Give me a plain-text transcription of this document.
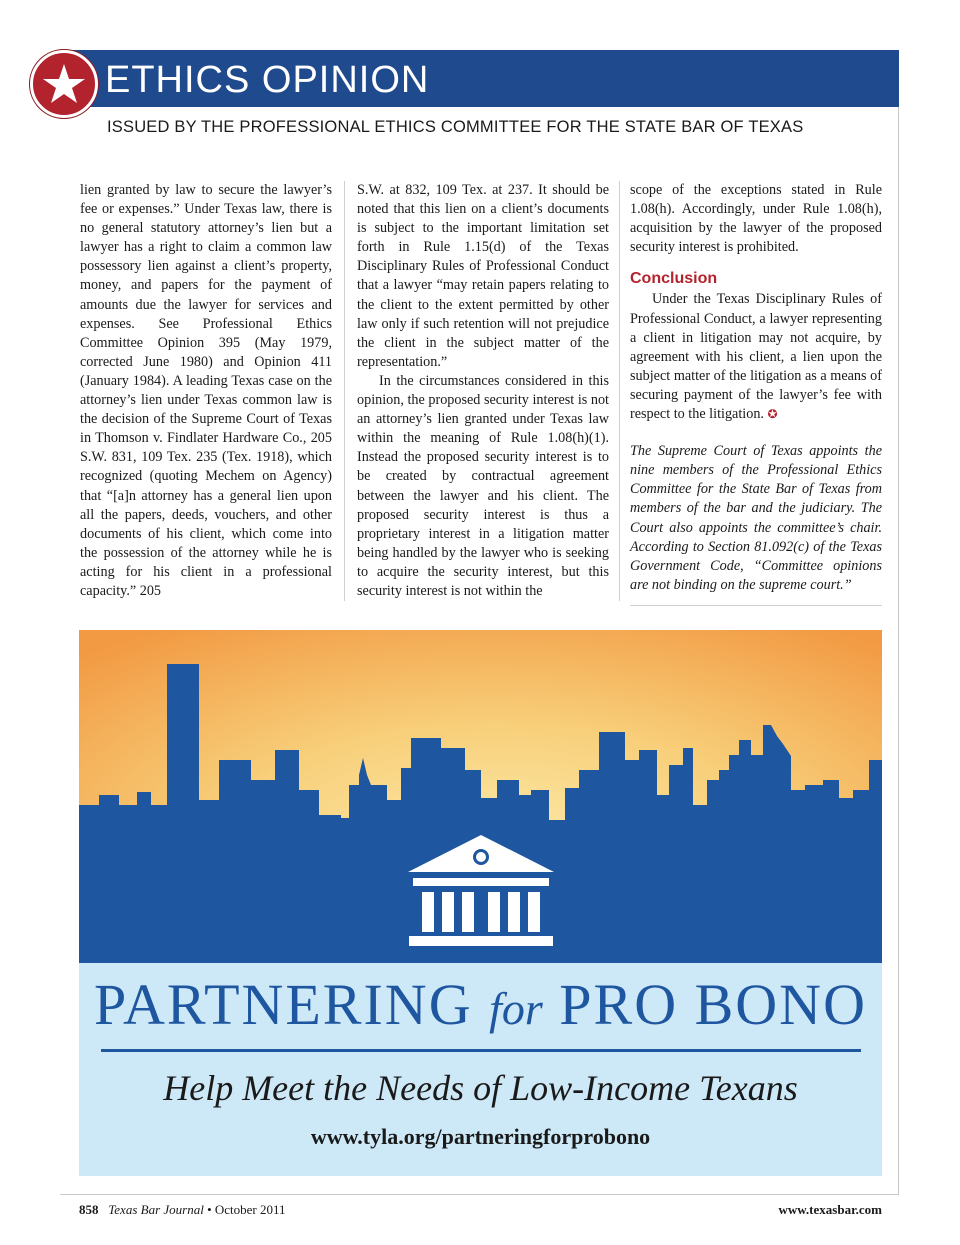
ETHICS OPINION
ISSUED BY THE PROFESSIONAL ETHICS COMMITTEE FOR THE STATE BAR OF TEXAS

lien granted by law to secure the lawyer’s fee or expenses.” Under Texas law, there is no general statutory attorney’s lien but a lawyer has a right to claim a common law possessory lien against a client’s property, money, and papers for the payment of amounts due the lawyer for services and expenses. See Professional Ethics Committee Opinion 395 (May 1979, corrected June 1980) and Opinion 411 (January 1984). A leading Texas case on the attorney’s lien under Texas common law is the decision of the Supreme Court of Texas in Thomson v. Findlater Hardware Co., 205 S.W. 831, 109 Tex. 235 (Tex. 1918), which recognized (quoting Mechem on Agency) that “[a]n attorney has a general lien upon all the papers, deeds, vouchers, and other documents of his client, which come into the possession of the attorney while he is acting for his client in a professional capacity.” 205

S.W. at 832, 109 Tex. at 237. It should be noted that this lien on a client’s documents is subject to the important limitation set forth in Rule 1.15(d) of the Texas Disciplinary Rules of Professional Conduct that a lawyer “may retain papers relating to the client to the extent permitted by other law only if such retention will not prejudice the client in the subject matter of the representation.”

In the circumstances considered in this opinion, the proposed security interest is not an attorney’s lien granted under Texas law within the meaning of Rule 1.08(h)(1). Instead the proposed security interest is to be created by contractual agreement between the lawyer and his client. The proposed security interest is thus a proprietary interest in a litigation matter being handled by the lawyer who is seeking to acquire the security interest, but this security interest is not within the

scope of the exceptions stated in Rule 1.08(h). Accordingly, under Rule 1.08(h), acquisition by the lawyer of the proposed security interest is prohibited.

Conclusion

Under the Texas Disciplinary Rules of Professional Conduct, a lawyer representing a client in litigation may not acquire, by agreement with his client, a lien upon the subject matter of the litigation as a means of securing payment of the lawyer’s fee with respect to the litigation. ✪

The Supreme Court of Texas appoints the nine members of the Professional Ethics Committee for the State Bar of Texas from members of the bar and the judiciary. The Court also appoints the committee’s chair. According to Section 81.092(c) of the Texas Government Code, “Committee opinions are not binding on the supreme court.”

PARTNERING for PRO BONO
Help Meet the Needs of Low-Income Texans
www.tyla.org/partneringforprobono
858 Texas Bar Journal • October 2011	www.texasbar.com
